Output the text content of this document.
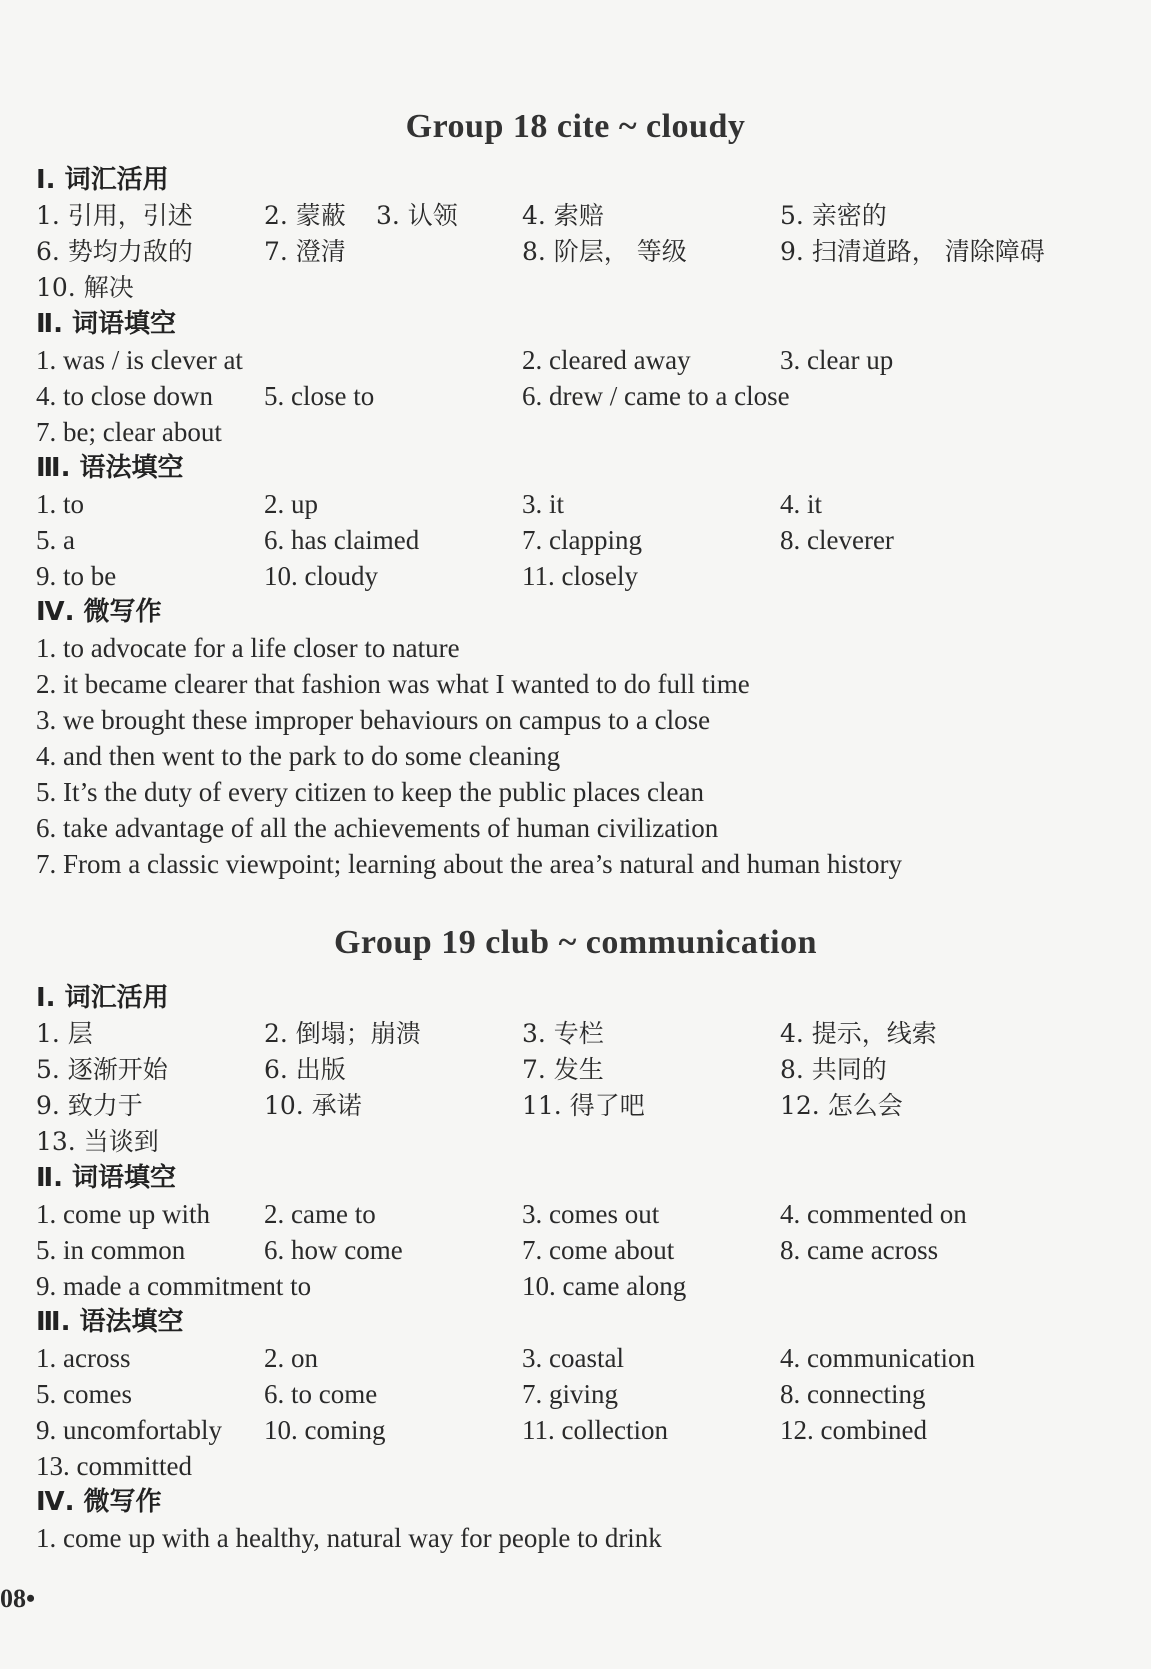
Group 18 cite ~ cloudy
Ⅰ. 词汇活用
1. 引用，引述	2. 蒙蔽 3. 认领	4. 索赔	5. 亲密的
6. 势均力敌的	7. 澄清	8. 阶层， 等级	9. 扫清道路， 清除障碍
10. 解决
Ⅱ. 词语填空
1. was / is clever at	2. cleared away	3. clear up
4. to close down 5. close to	6. drew / came to a close
7. be; clear about
Ⅲ. 语法填空
1. to	2. up	3. it	4. it
5. a	6. has claimed	7. clapping	8. cleverer
9. to be	10. cloudy	11. closely
Ⅳ. 微写作
1. to advocate for a life closer to nature
2. it became clearer that fashion was what I wanted to do full time
3. we brought these improper behaviours on campus to a close
4. and then went to the park to do some cleaning
5. It’s the duty of every citizen to keep the public places clean
6. take advantage of all the achievements of human civilization
7. From a classic viewpoint; learning about the area’s natural and human history
Group 19 club ~ communication
Ⅰ. 词汇活用
1. 层	2. 倒塌；崩溃	3. 专栏	4. 提示，线索
5. 逐渐开始	6. 出版	7. 发生	8. 共同的
9. 致力于	10. 承诺	11. 得了吧	12. 怎么会
13. 当谈到
Ⅱ. 词语填空
1. come up with 2. came to	3. comes out	4. commented on
5. in common	6. how come	7. come about	8. came across
9. made a commitment to	10. came along
Ⅲ. 语法填空
1. across	2. on	3. coastal	4. communication
5. comes	6. to come	7. giving	8. connecting
9. uncomfortably 10. coming	11. collection	12. combined
13. committed
Ⅳ. 微写作
1. come up with a healthy, natural way for people to drink
08•
